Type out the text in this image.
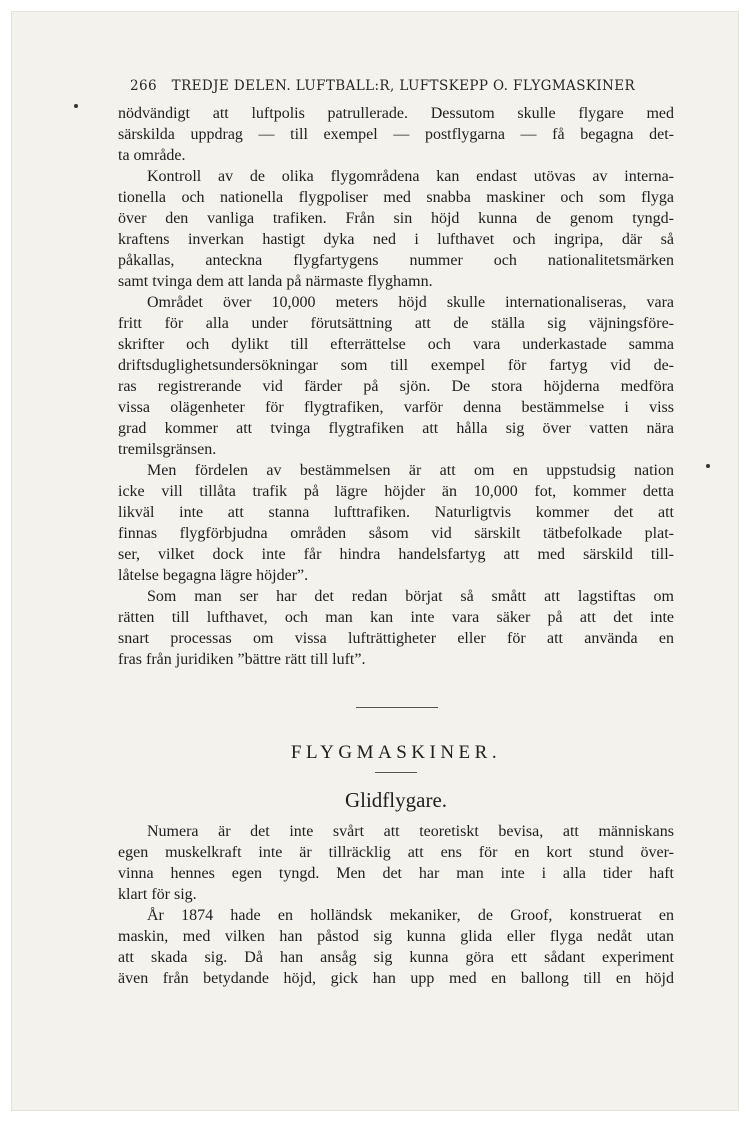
266 TREDJE DELEN. LUFTBALL:R, LUFTSKEPP O. FLYGMASKINER
nödvändigt att luftpolis patrullerade. Dessutom skulle flygare med
särskilda uppdrag — till exempel — postflygarna — få begagna det-
ta område.
Kontroll av de olika flygområdena kan endast utövas av interna-
tionella och nationella flygpoliser med snabba maskiner och som flyga
över den vanliga trafiken. Från sin höjd kunna de genom tyngd-
kraftens inverkan hastigt dyka ned i lufthavet och ingripa, där så
påkallas, anteckna flygfartygens nummer och nationalitetsmärken
samt tvinga dem att landa på närmaste flyghamn.
Området över 10,000 meters höjd skulle internationaliseras, vara
fritt för alla under förutsättning att de ställa sig väjningsföre-
skrifter och dylikt till efterrättelse och vara underkastade samma
driftsduglighetsundersökningar som till exempel för fartyg vid de-
ras registrerande vid färder på sjön. De stora höjderna medföra
vissa olägenheter för flygtrafiken, varför denna bestämmelse i viss
grad kommer att tvinga flygtrafiken att hålla sig över vatten nära
tremilsgränsen.
Men fördelen av bestämmelsen är att om en uppstudsig nation
icke vill tillåta trafik på lägre höjder än 10,000 fot, kommer detta
likväl inte att stanna lufttrafiken. Naturligtvis kommer det att
finnas flygförbjudna områden såsom vid särskilt tätbefolkade plat-
ser, vilket dock inte får hindra handelsfartyg att med särskild till-
låtelse begagna lägre höjder”.
Som man ser har det redan börjat så smått att lagstiftas om
rätten till lufthavet, och man kan inte vara säker på att det inte
snart processas om vissa lufträttigheter eller för att använda en
fras från juridiken ”bättre rätt till luft”.
FLYGMASKINER.
Glidflygare.
Numera är det inte svårt att teoretiskt bevisa, att människans
egen muskelkraft inte är tillräcklig att ens för en kort stund över-
vinna hennes egen tyngd. Men det har man inte i alla tider haft
klart för sig.
År 1874 hade en holländsk mekaniker, de Groof, konstruerat en
maskin, med vilken han påstod sig kunna glida eller flyga nedåt utan
att skada sig. Då han ansåg sig kunna göra ett sådant experiment
även från betydande höjd, gick han upp med en ballong till en höjd
